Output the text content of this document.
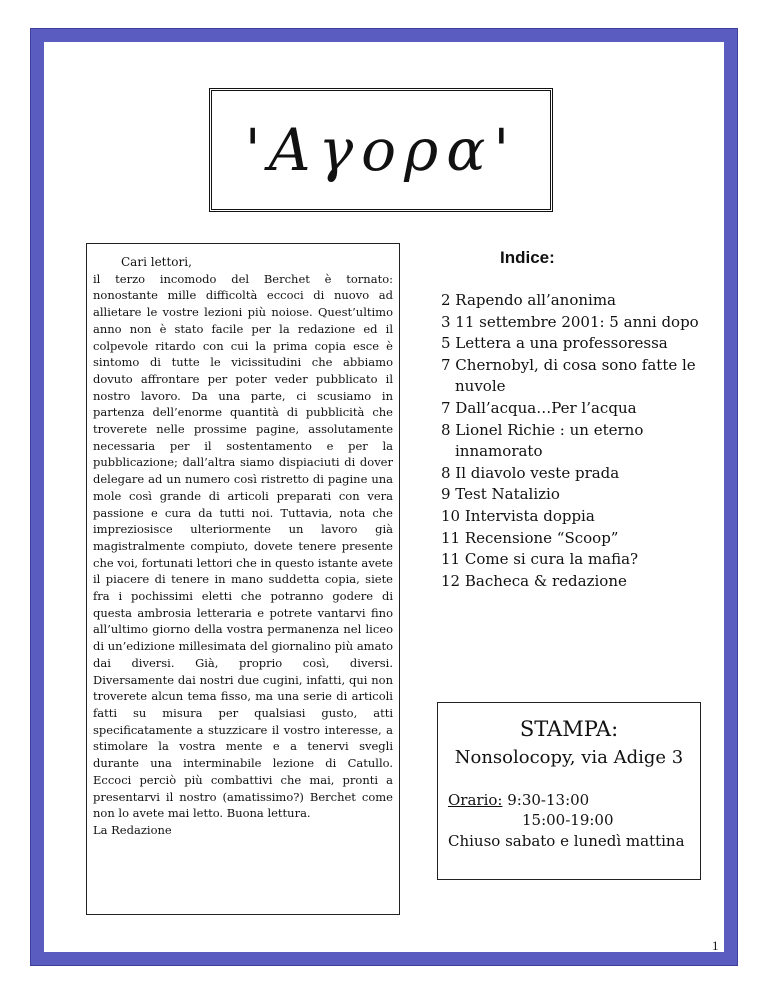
'Αγορα'
Cari lettori,

il terzo incomodo del Berchet è tornato: nonostante mille difficoltà eccoci di nuovo ad allietare le vostre lezioni più noiose. Quest’ultimo anno non è stato facile per la redazione ed il colpevole ritardo con cui la prima copia esce è sintomo di tutte le vicissitudini che abbiamo dovuto affrontare per poter veder pubblicato il nostro lavoro. Da una parte, ci scusiamo in partenza dell’enorme quantità di pubblicità che troverete nelle prossime pagine, assolutamente necessaria per il sostentamento e per la pubblicazione; dall’altra siamo dispiaciuti di dover delegare ad un numero così ristretto di pagine una mole così grande di articoli preparati con vera passione e cura da tutti noi. Tuttavia, nota che impreziosisce ulteriormente un lavoro già magistralmente compiuto, dovete tenere presente che voi, fortunati lettori che in questo istante avete il piacere di tenere in mano suddetta copia, siete fra i pochissimi eletti che potranno godere di questa ambrosia letteraria e potrete vantarvi fino all’ultimo giorno della vostra permanenza nel liceo di un’edizione millesimata del giornalino più amato dai diversi. Già, proprio così, diversi. Diversamente dai nostri due cugini, infatti, qui non troverete alcun tema fisso, ma una serie di articoli fatti su misura per qualsiasi gusto, atti specificatamente a stuzzicare il vostro interesse, a stimolare la vostra mente e a tenervi svegli durante una interminabile lezione di Catullo. Eccoci perciò più combattivi che mai, pronti a presentarvi il nostro (amatissimo?) Berchet come non lo avete mai letto. Buona lettura.

La Redazione
Indice:
2 Rapendo all’anonima
3 11 settembre 2001: 5 anni dopo
5 Lettera a una professoressa
7 Chernobyl, di cosa sono fatte le nuvole
7 Dall’acqua…Per l’acqua
8 Lionel Richie : un eterno innamorato
8 Il diavolo veste prada
9 Test Natalizio
10 Intervista doppia
11 Recensione “Scoop”
11 Come si cura la mafia?
12 Bacheca & redazione
STAMPA:
Nonsolocopy, via Adige 3
Orario: 9:30-13:00
15:00-19:00
Chiuso sabato e lunedì mattina
1
